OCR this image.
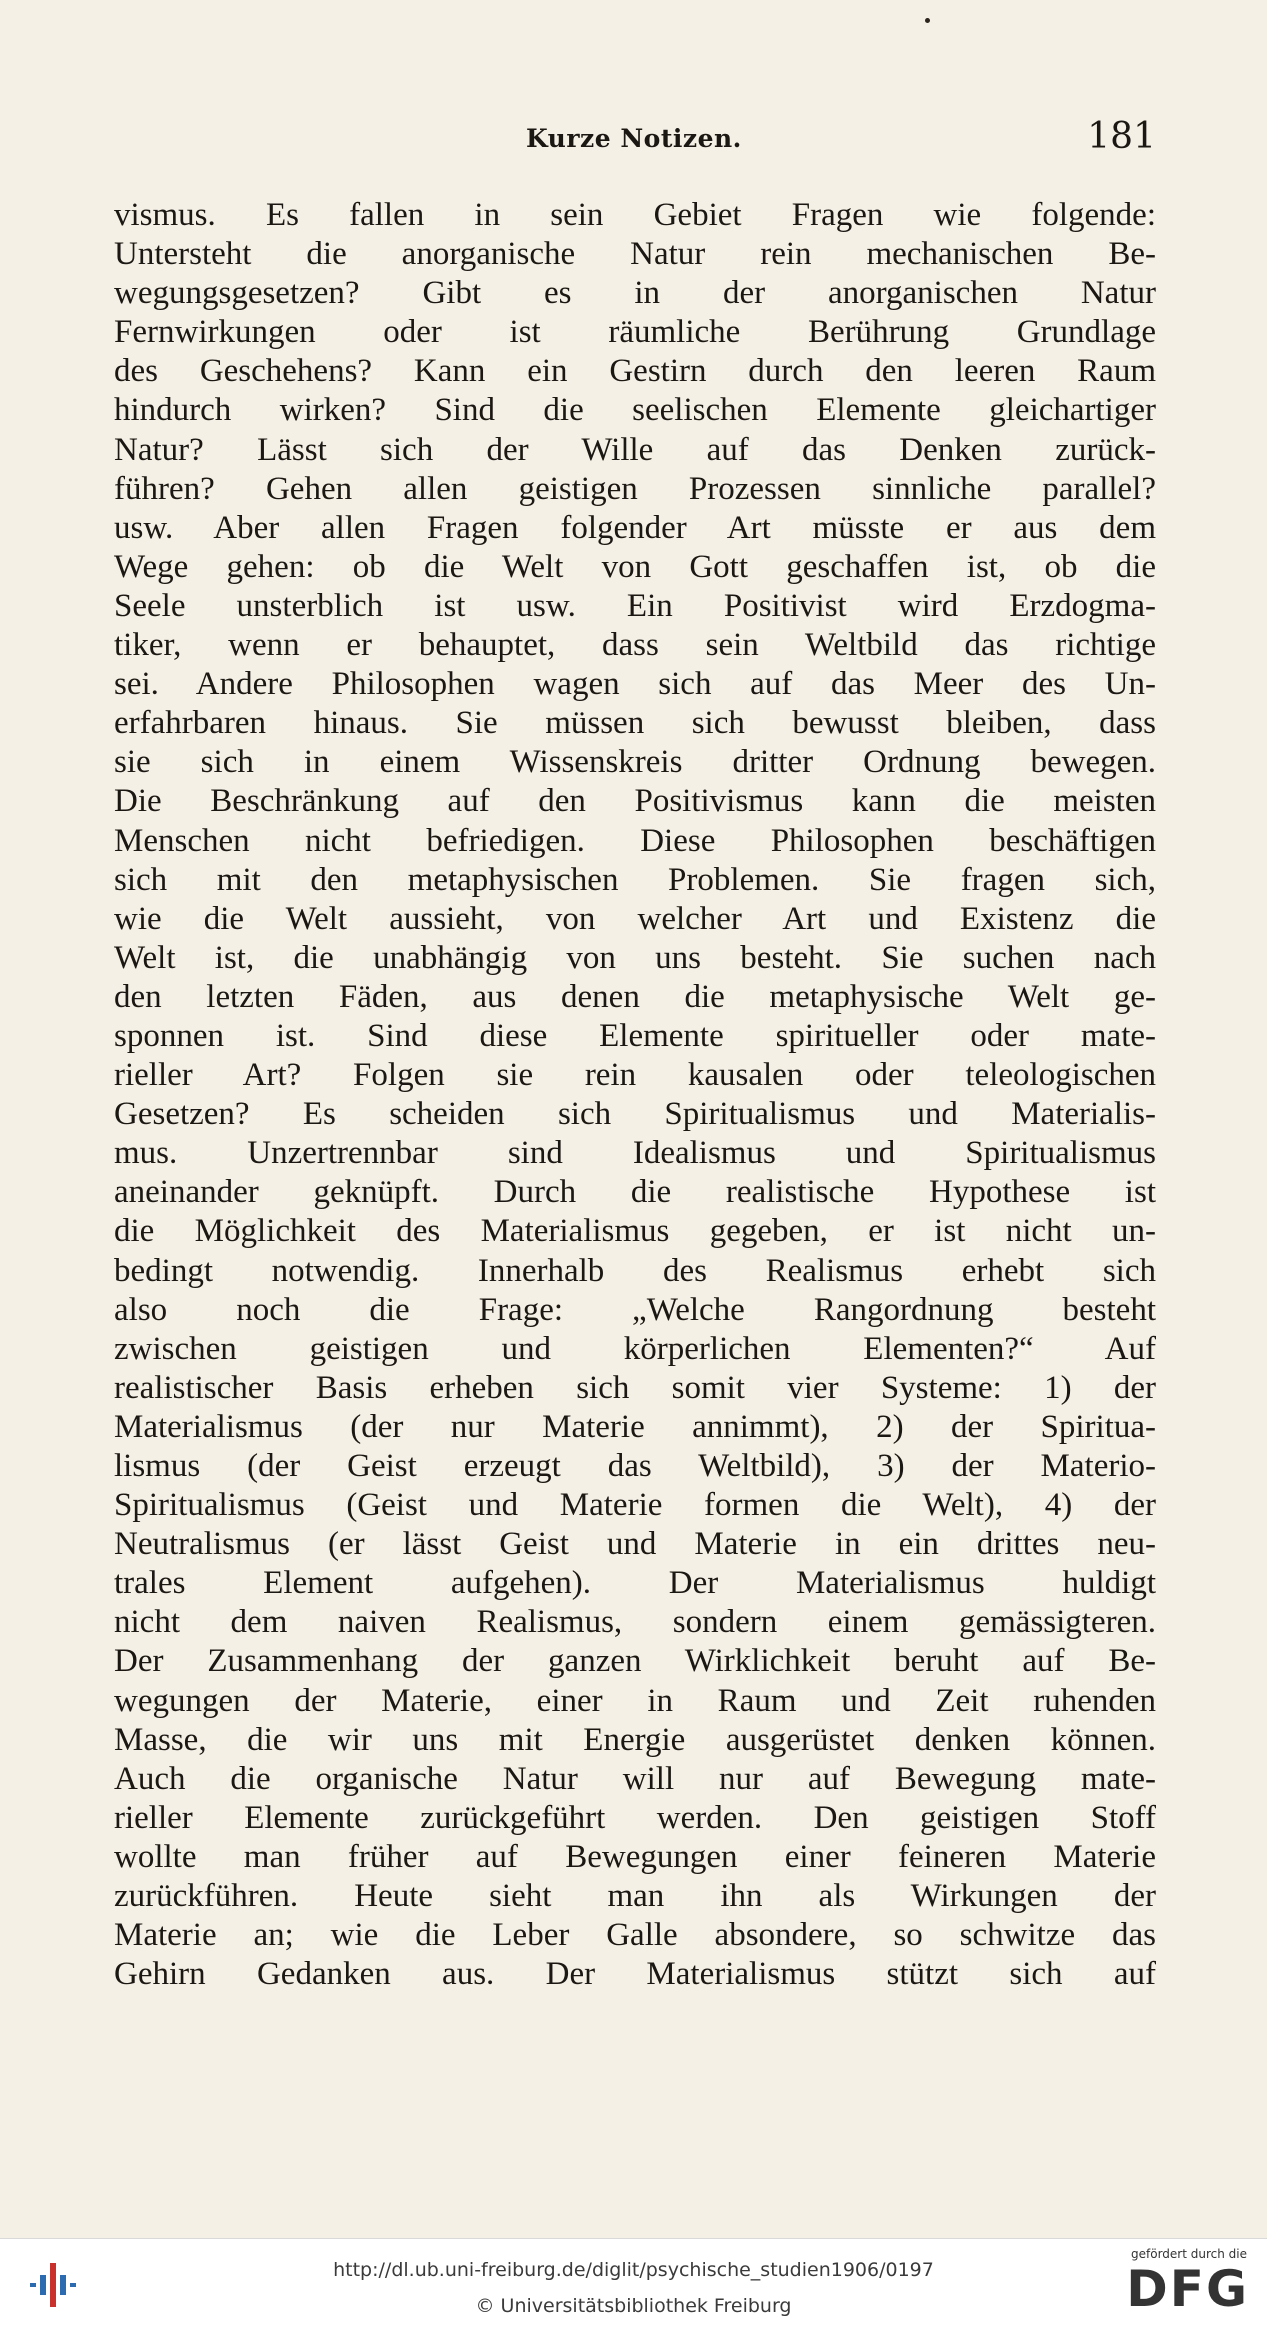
Kurze Notizen.	181
vismus. Es fallen in sein Gebiet Fragen wie folgende:
Untersteht die anorganische Natur rein mechanischen Be-
wegungsgesetzen? Gibt es in der anorganischen Natur
Fernwirkungen oder ist räumliche Berührung Grundlage
des Geschehens? Kann ein Gestirn durch den leeren Raum
hindurch wirken? Sind die seelischen Elemente gleichartiger
Natur? Lässt sich der Wille auf das Denken zurück-
führen? Gehen allen geistigen Prozessen sinnliche parallel?
usw. Aber allen Fragen folgender Art müsste er aus dem
Wege gehen: ob die Welt von Gott geschaffen ist, ob die
Seele unsterblich ist usw. Ein Positivist wird Erzdogma-
tiker, wenn er behauptet, dass sein Weltbild das richtige
sei. Andere Philosophen wagen sich auf das Meer des Un-
erfahrbaren hinaus. Sie müssen sich bewusst bleiben, dass
sie sich in einem Wissenskreis dritter Ordnung bewegen.
Die Beschränkung auf den Positivismus kann die meisten
Menschen nicht befriedigen. Diese Philosophen beschäftigen
sich mit den metaphysischen Problemen. Sie fragen sich,
wie die Welt aussieht, von welcher Art und Existenz die
Welt ist, die unabhängig von uns besteht. Sie suchen nach
den letzten Fäden, aus denen die metaphysische Welt ge-
sponnen ist. Sind diese Elemente spiritueller oder mate-
rieller Art? Folgen sie rein kausalen oder teleologischen
Gesetzen? Es scheiden sich Spiritualismus und Materialis-
mus. Unzertrennbar sind Idealismus und Spiritualismus
aneinander geknüpft. Durch die realistische Hypothese ist
die Möglichkeit des Materialismus gegeben, er ist nicht un-
bedingt notwendig. Innerhalb des Realismus erhebt sich
also noch die Frage: „Welche Rangordnung besteht
zwischen geistigen und körperlichen Elementen?“ Auf
realistischer Basis erheben sich somit vier Systeme: 1) der
Materialismus (der nur Materie annimmt), 2) der Spiritua-
lismus (der Geist erzeugt das Weltbild), 3) der Materio-
Spiritualismus (Geist und Materie formen die Welt), 4) der
Neutralismus (er lässt Geist und Materie in ein drittes neu-
trales Element aufgehen). Der Materialismus huldigt
nicht dem naiven Realismus, sondern einem gemässigteren.
Der Zusammenhang der ganzen Wirklichkeit beruht auf Be-
wegungen der Materie, einer in Raum und Zeit ruhenden
Masse, die wir uns mit Energie ausgerüstet denken können.
Auch die organische Natur will nur auf Bewegung mate-
rieller Elemente zurückgeführt werden. Den geistigen Stoff
wollte man früher auf Bewegungen einer feineren Materie
zurückführen. Heute sieht man ihn als Wirkungen der
Materie an; wie die Leber Galle absondere, so schwitze das
Gehirn Gedanken aus. Der Materialismus stützt sich auf
http://dl.ub.uni-freiburg.de/diglit/psychische_studien1906/0197
© Universitätsbibliothek Freiburg
gefördert durch die
DFG
